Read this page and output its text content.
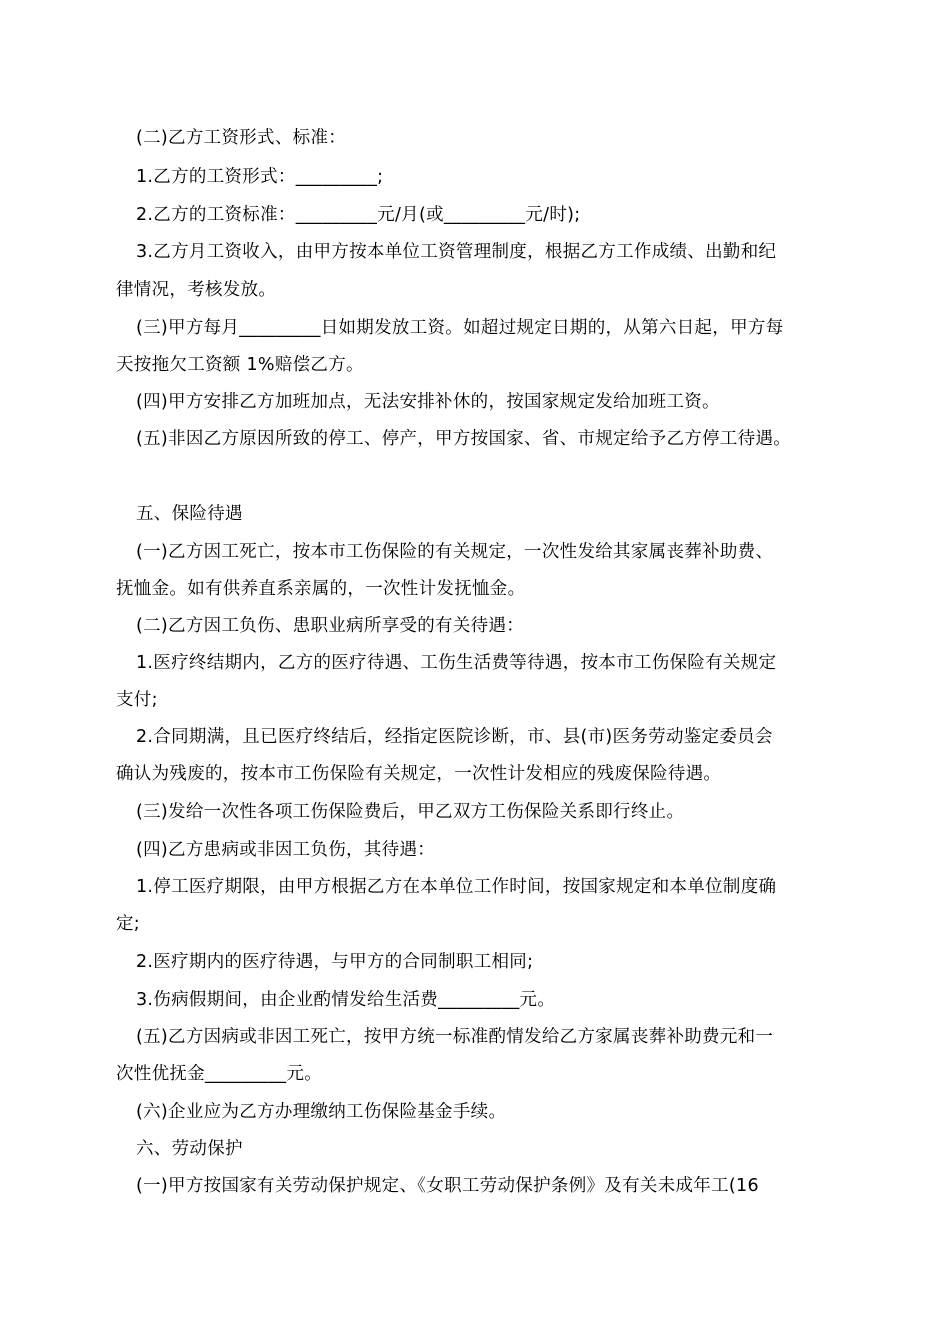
(二)乙方工资形式、标准：
1.乙方的工资形式：_________;
2.乙方的工资标准：_________元/月(或_________元/时);
3.乙方月工资收入，由甲方按本单位工资管理制度，根据乙方工作成绩、出勤和纪
律情况，考核发放。
(三)甲方每月_________日如期发放工资。如超过规定日期的，从第六日起，甲方每
天按拖欠工资额 1%赔偿乙方。
(四)甲方安排乙方加班加点，无法安排补休的，按国家规定发给加班工资。
(五)非因乙方原因所致的停工、停产，甲方按国家、省、市规定给予乙方停工待遇。
五、保险待遇
(一)乙方因工死亡，按本市工伤保险的有关规定，一次性发给其家属丧葬补助费、
抚恤金。如有供养直系亲属的，一次性计发抚恤金。
(二)乙方因工负伤、患职业病所享受的有关待遇：
1.医疗终结期内，乙方的医疗待遇、工伤生活费等待遇，按本市工伤保险有关规定
支付;
2.合同期满，且已医疗终结后，经指定医院诊断，市、县(市)医务劳动鉴定委员会
确认为残废的，按本市工伤保险有关规定，一次性计发相应的残废保险待遇。
(三)发给一次性各项工伤保险费后，甲乙双方工伤保险关系即行终止。
(四)乙方患病或非因工负伤，其待遇：
1.停工医疗期限，由甲方根据乙方在本单位工作时间，按国家规定和本单位制度确
定;
2.医疗期内的医疗待遇，与甲方的合同制职工相同;
3.伤病假期间，由企业酌情发给生活费_________元。
(五)乙方因病或非因工死亡，按甲方统一标准酌情发给乙方家属丧葬补助费元和一
次性优抚金_________元。
(六)企业应为乙方办理缴纳工伤保险基金手续。
六、劳动保护
(一)甲方按国家有关劳动保护规定、《女职工劳动保护条例》及有关未成年工(16
